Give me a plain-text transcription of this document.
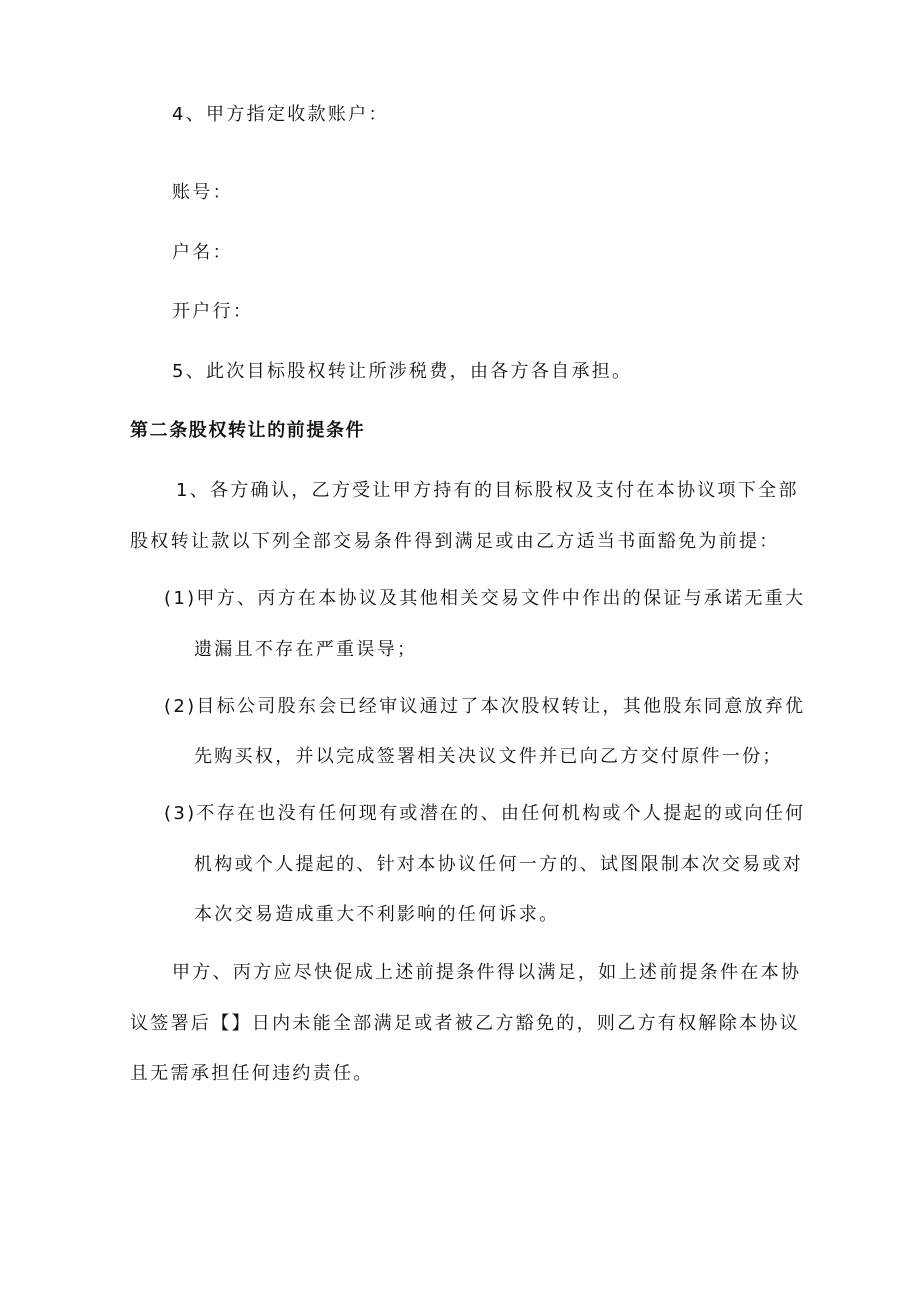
4、甲方指定收款账户：
账号：
户名：
开户行：
5、此次目标股权转让所涉税费，由各方各自承担。
第二条股权转让的前提条件
1、各方确认，乙方受让甲方持有的目标股权及支付在本协议项下全部
股权转让款以下列全部交易条件得到满足或由乙方适当书面豁免为前提：
(1)甲方、丙方在本协议及其他相关交易文件中作出的保证与承诺无重大
遗漏且不存在严重误导；
(2)目标公司股东会已经审议通过了本次股权转让，其他股东同意放弃优
先购买权，并以完成签署相关决议文件并已向乙方交付原件一份；
(3)不存在也没有任何现有或潜在的、由任何机构或个人提起的或向任何
机构或个人提起的、针对本协议任何一方的、试图限制本次交易或对
本次交易造成重大不利影响的任何诉求。
甲方、丙方应尽快促成上述前提条件得以满足，如上述前提条件在本协
议签署后【】日内未能全部满足或者被乙方豁免的，则乙方有权解除本协议
且无需承担任何违约责任。
